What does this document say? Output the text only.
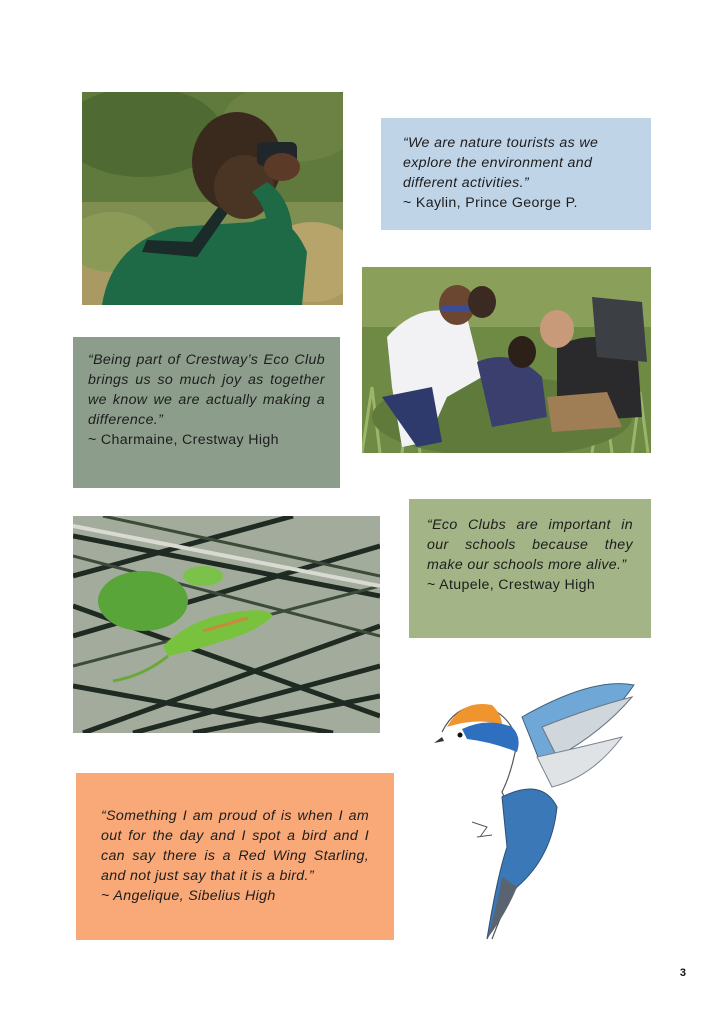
“We are nature tourists as we explore the environment and different activities.”
~ Kaylin, Prince George P.
“Being part of Crestway’s Eco Club brings us so much joy as together we know we are actually making a difference.”
~ Charmaine, Crestway High
“Eco Clubs are important in our schools because they make our schools more alive.”
~ Atupele, Crestway High
“Something I am proud of is when I am out for the day and I spot a bird and I can say there is a Red Wing Starling, and not just say that it is a bird.”
~ Angelique, Sibelius High
3
